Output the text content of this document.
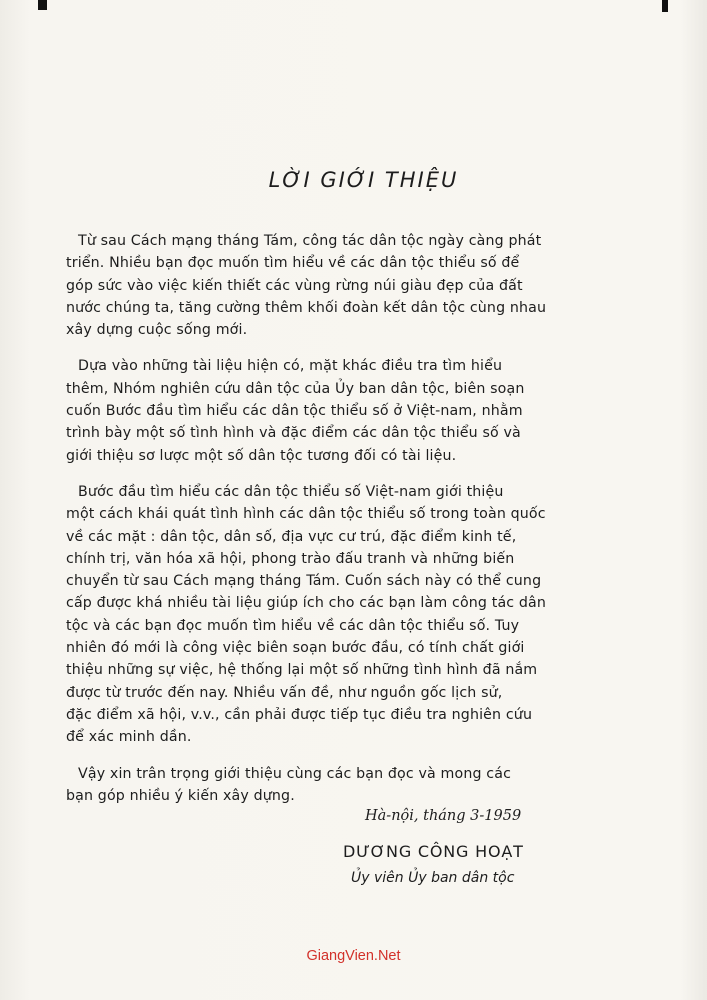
LỜI GIỚI THIỆU

Từ sau Cách mạng tháng Tám, công tác dân tộc ngày càng phát
triển. Nhiều bạn đọc muốn tìm hiểu về các dân tộc thiểu số để
góp sức vào việc kiến thiết các vùng rừng núi giàu đẹp của đất
nước chúng ta, tăng cường thêm khối đoàn kết dân tộc cùng nhau
xây dựng cuộc sống mới.

Dựa vào những tài liệu hiện có, mặt khác điều tra tìm hiểu
thêm, Nhóm nghiên cứu dân tộc của Ủy ban dân tộc, biên soạn
cuốn Bước đầu tìm hiểu các dân tộc thiểu số ở Việt-nam, nhằm
trình bày một số tình hình và đặc điểm các dân tộc thiểu số và
giới thiệu sơ lược một số dân tộc tương đối có tài liệu.

Bước đầu tìm hiểu các dân tộc thiểu số Việt-nam giới thiệu
một cách khái quát tình hình các dân tộc thiểu số trong toàn quốc
về các mặt : dân tộc, dân số, địa vực cư trú, đặc điểm kinh tế,
chính trị, văn hóa xã hội, phong trào đấu tranh và những biến
chuyển từ sau Cách mạng tháng Tám. Cuốn sách này có thể cung
cấp được khá nhiều tài liệu giúp ích cho các bạn làm công tác dân
tộc và các bạn đọc muốn tìm hiểu về các dân tộc thiểu số. Tuy
nhiên đó mới là công việc biên soạn bước đầu, có tính chất giới
thiệu những sự việc, hệ thống lại một số những tình hình đã nắm
được từ trước đến nay. Nhiều vấn đề, như nguồn gốc lịch sử,
đặc điểm xã hội, v.v., cần phải được tiếp tục điều tra nghiên cứu
để xác minh dần.

Vậy xin trân trọng giới thiệu cùng các bạn đọc và mong các
bạn góp nhiều ý kiến xây dựng.

Hà-nội, tháng 3-1959
DƯƠNG CÔNG HOẠT
Ủy viên Ủy ban dân tộc
GiangVien.Net
